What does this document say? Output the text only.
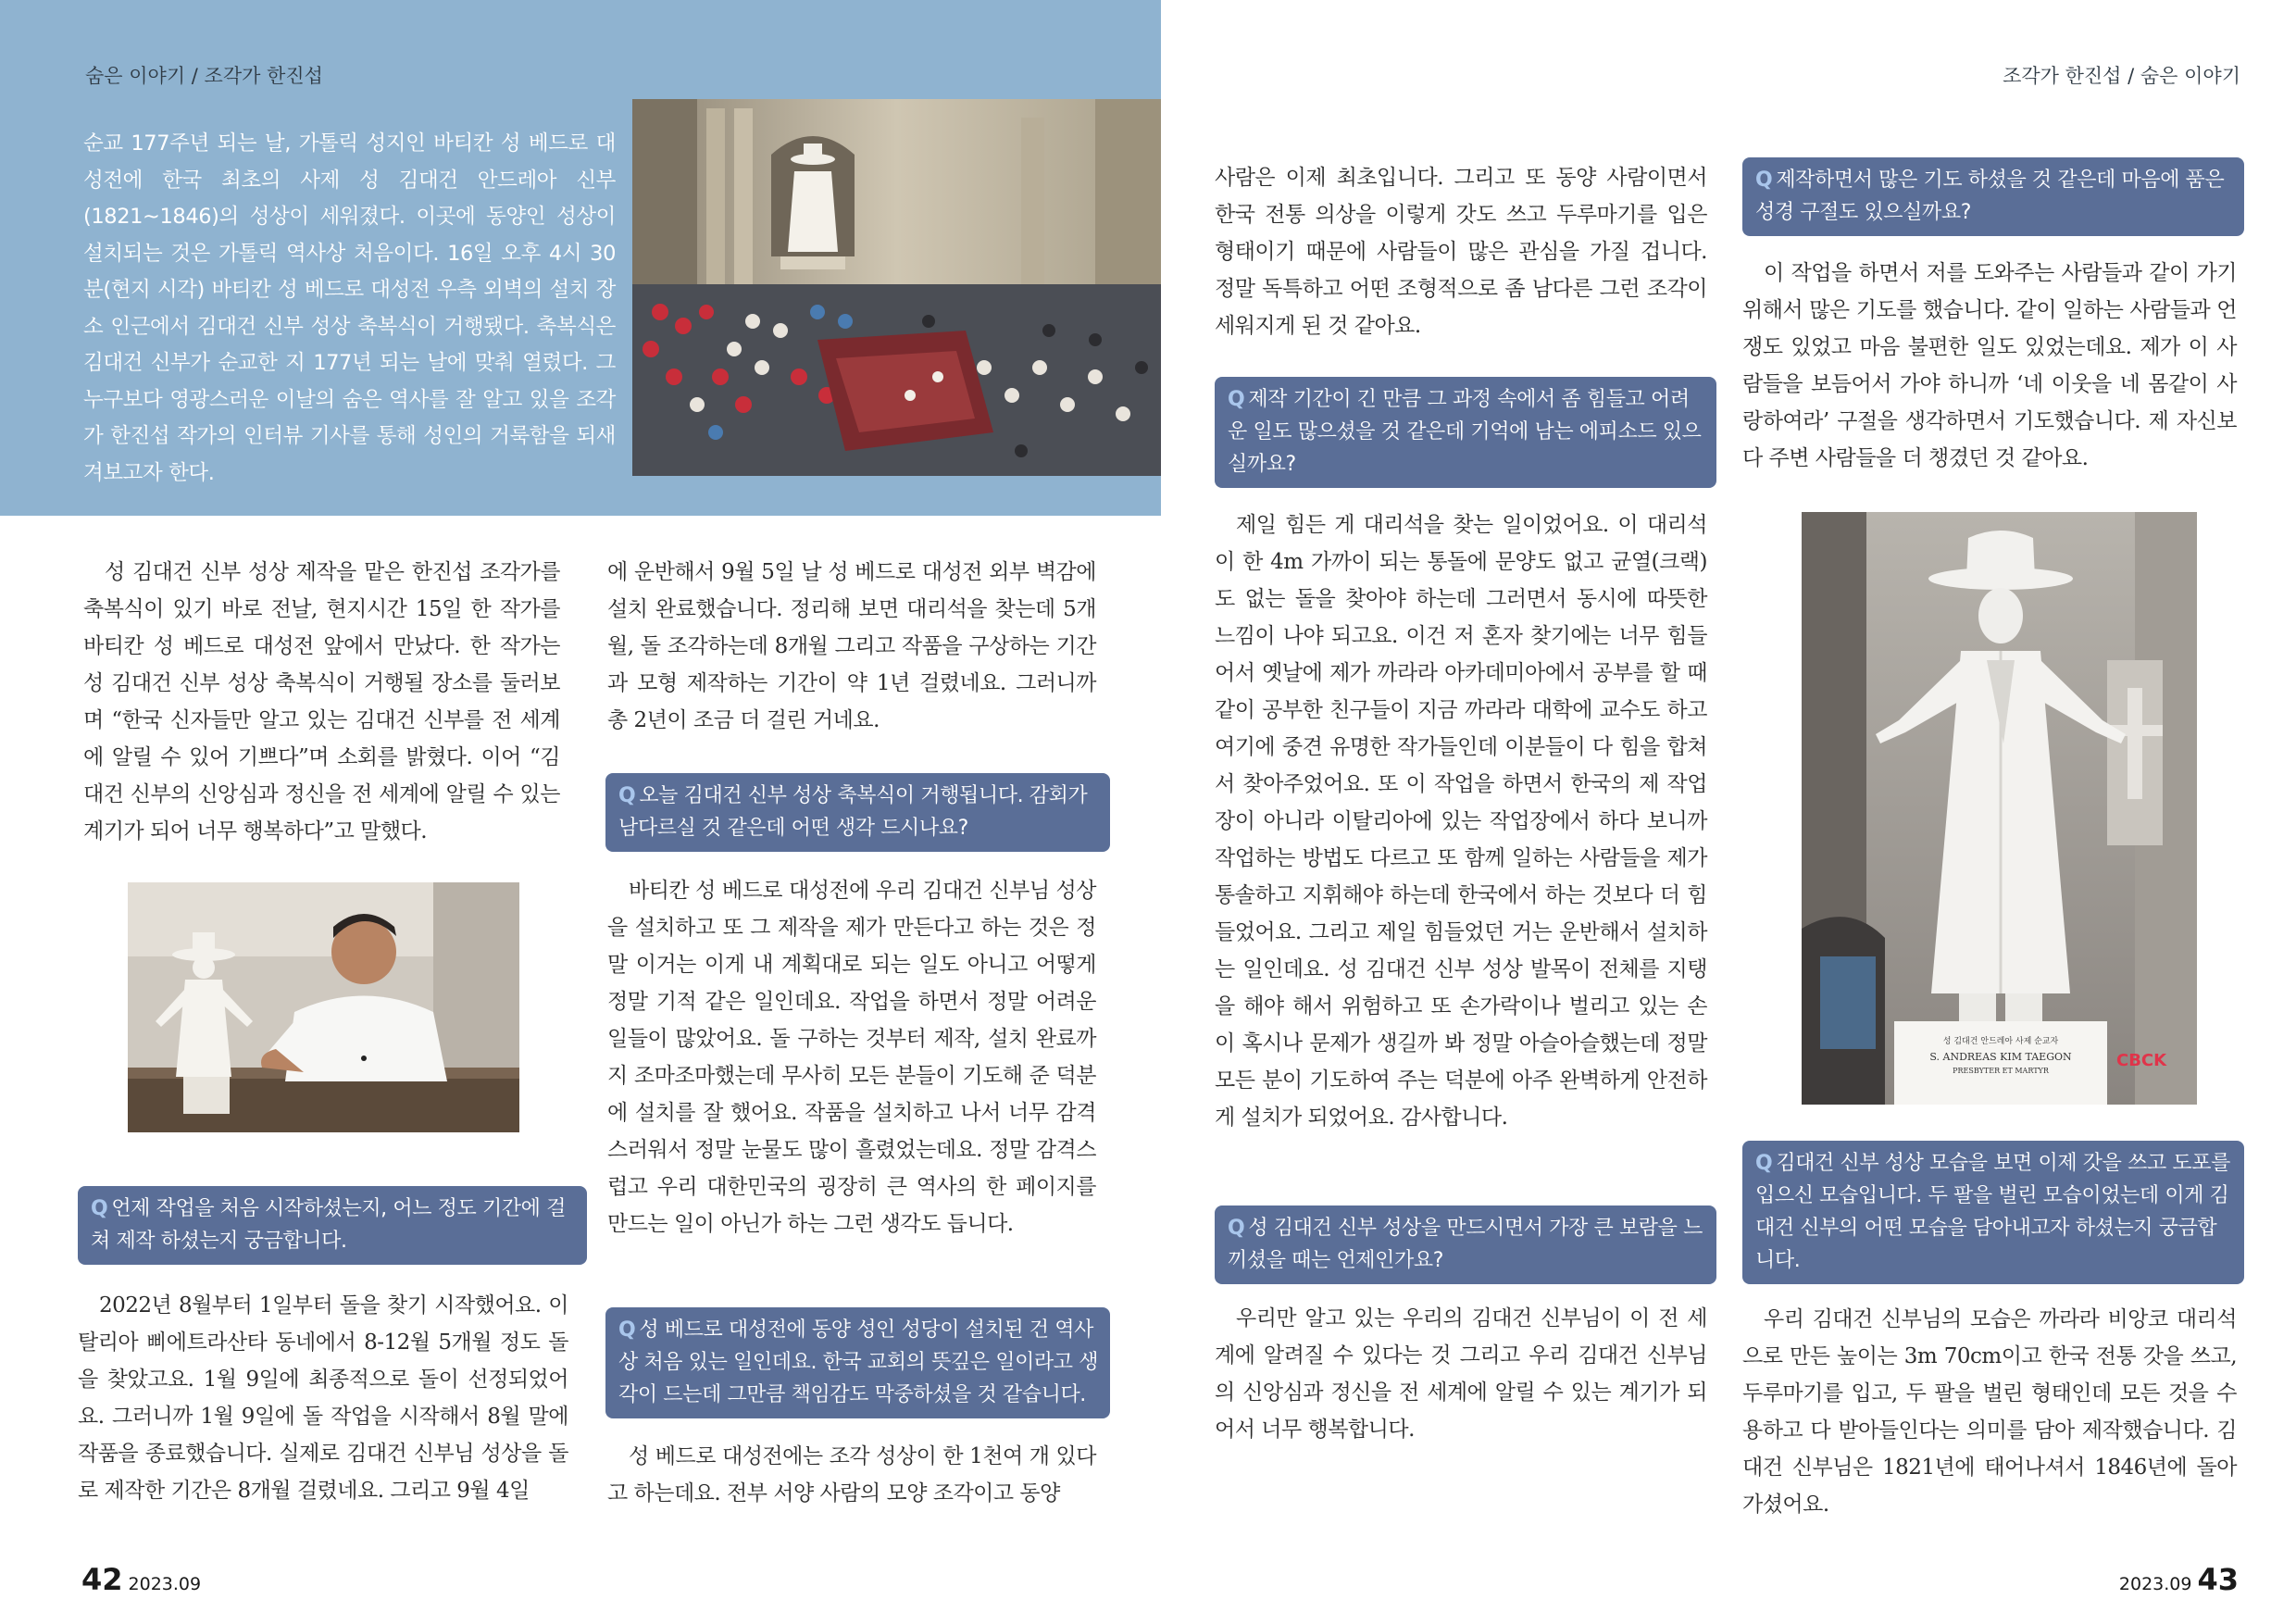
숨은 이야기 / 조각가 한진섭	조각가 한진섭 / 숨은 이야기
순교 177주년 되는 날, 가톨릭 성지인 바티칸 성 베드로 대성전에 한국 최초의 사제 성 김대건 안드레아 신부(1821~1846)의 성상이 세워졌다. 이곳에 동양인 성상이 설치되는 것은 가톨릭 역사상 처음이다. 16일 오후 4시 30분(현지 시각) 바티칸 성 베드로 대성전 우측 외벽의 설치 장소 인근에서 김대건 신부 성상 축복식이 거행됐다. 축복식은 김대건 신부가 순교한 지 177년 되는 날에 맞춰 열렸다. 그 누구보다 영광스러운 이날의 숨은 역사를 잘 알고 있을 조각가 한진섭 작가의 인터뷰 기사를 통해 성인의 거룩함을 되새겨보고자 한다.

성 김대건 신부 성상 제작을 맡은 한진섭 조각가를 축복식이 있기 바로 전날, 현지시간 15일 한 작가를 바티칸 성 베드로 대성전 앞에서 만났다. 한 작가는 성 김대건 신부 성상 축복식이 거행될 장소를 둘러보며 “한국 신자들만 알고 있는 김대건 신부를 전 세계에 알릴 수 있어 기쁘다”며 소회를 밝혔다. 이어 “김대건 신부의 신앙심과 정신을 전 세계에 알릴 수 있는 계기가 되어 너무 행복하다”고 말했다.

Q 언제 작업을 처음 시작하셨는지, 어느 정도 기간에 걸쳐 제작 하셨는지 궁금합니다.

2022년 8월부터 1일부터 돌을 찾기 시작했어요. 이탈리아 삐에트라산타 동네에서 8-12월 5개월 정도 돌을 찾았고요. 1월 9일에 최종적으로 돌이 선정되었어요. 그러니까 1월 9일에 돌 작업을 시작해서 8월 말에 작품을 종료했습니다. 실제로 김대건 신부님 성상을 돌로 제작한 기간은 8개월 걸렸네요. 그리고 9월 4일

에 운반해서 9월 5일 날 성 베드로 대성전 외부 벽감에 설치 완료했습니다. 정리해 보면 대리석을 찾는데 5개월, 돌 조각하는데 8개월 그리고 작품을 구상하는 기간과 모형 제작하는 기간이 약 1년 걸렸네요. 그러니까 총 2년이 조금 더 걸린 거네요.

Q 오늘 김대건 신부 성상 축복식이 거행됩니다. 감회가 남다르실 것 같은데 어떤 생각 드시나요?

바티칸 성 베드로 대성전에 우리 김대건 신부님 성상을 설치하고 또 그 제작을 제가 만든다고 하는 것은 정말 이거는 이게 내 계획대로 되는 일도 아니고 어떻게 정말 기적 같은 일인데요. 작업을 하면서 정말 어려운 일들이 많았어요. 돌 구하는 것부터 제작, 설치 완료까지 조마조마했는데 무사히 모든 분들이 기도해 준 덕분에 설치를 잘 했어요. 작품을 설치하고 나서 너무 감격스러워서 정말 눈물도 많이 흘렸었는데요. 정말 감격스럽고 우리 대한민국의 굉장히 큰 역사의 한 페이지를 만드는 일이 아닌가 하는 그런 생각도 듭니다.

Q 성 베드로 대성전에 동양 성인 성당이 설치된 건 역사상 처음 있는 일인데요. 한국 교회의 뜻깊은 일이라고 생각이 드는데 그만큼 책임감도 막중하셨을 것 같습니다.

성 베드로 대성전에는 조각 성상이 한 1천여 개 있다고 하는데요. 전부 서양 사람의 모양 조각이고 동양

사람은 이제 최초입니다. 그리고 또 동양 사람이면서 한국 전통 의상을 이렇게 갓도 쓰고 두루마기를 입은 형태이기 때문에 사람들이 많은 관심을 가질 겁니다. 정말 독특하고 어떤 조형적으로 좀 남다른 그런 조각이 세워지게 된 것 같아요.

Q 제작 기간이 긴 만큼 그 과정 속에서 좀 힘들고 어려운 일도 많으셨을 것 같은데 기억에 남는 에피소드 있으실까요?

제일 힘든 게 대리석을 찾는 일이었어요. 이 대리석이 한 4m 가까이 되는 통돌에 문양도 없고 균열(크랙)도 없는 돌을 찾아야 하는데 그러면서 동시에 따뜻한 느낌이 나야 되고요. 이건 저 혼자 찾기에는 너무 힘들어서 옛날에 제가 까라라 아카데미아에서 공부를 할 때 같이 공부한 친구들이 지금 까라라 대학에 교수도 하고 여기에 중견 유명한 작가들인데 이분들이 다 힘을 합쳐서 찾아주었어요. 또 이 작업을 하면서 한국의 제 작업장이 아니라 이탈리아에 있는 작업장에서 하다 보니까 작업하는 방법도 다르고 또 함께 일하는 사람들을 제가 통솔하고 지휘해야 하는데 한국에서 하는 것보다 더 힘들었어요. 그리고 제일 힘들었던 거는 운반해서 설치하는 일인데요. 성 김대건 신부 성상 발목이 전체를 지탱을 해야 해서 위험하고 또 손가락이나 벌리고 있는 손이 혹시나 문제가 생길까 봐 정말 아슬아슬했는데 정말 모든 분이 기도하여 주는 덕분에 아주 완벽하게 안전하게 설치가 되었어요. 감사합니다.

Q 성 김대건 신부 성상을 만드시면서 가장 큰 보람을 느끼셨을 때는 언제인가요?

우리만 알고 있는 우리의 김대건 신부님이 이 전 세계에 알려질 수 있다는 것 그리고 우리 김대건 신부님의 신앙심과 정신을 전 세계에 알릴 수 있는 계기가 되어서 너무 행복합니다.

Q 제작하면서 많은 기도 하셨을 것 같은데 마음에 품은 성경 구절도 있으실까요?

이 작업을 하면서 저를 도와주는 사람들과 같이 가기 위해서 많은 기도를 했습니다. 같이 일하는 사람들과 언쟁도 있었고 마음 불편한 일도 있었는데요. 제가 이 사람들을 보듬어서 가야 하니까 ‘네 이웃을 네 몸같이 사랑하여라’ 구절을 생각하면서 기도했습니다. 제 자신보다 주변 사람들을 더 챙겼던 것 같아요.

성 김대건 안드레아 사제 순교자
S. ANDREAS KIM TAEGON
PRESBYTER ET MARTYR
CBCK
Q 김대건 신부 성상 모습을 보면 이제 갓을 쓰고 도포를 입으신 모습입니다. 두 팔을 벌린 모습이었는데 이게 김대건 신부의 어떤 모습을 담아내고자 하셨는지 궁금합니다.

우리 김대건 신부님의 모습은 까라라 비앙코 대리석으로 만든 높이는 3m 70cm이고 한국 전통 갓을 쓰고, 두루마기를 입고, 두 팔을 벌린 형태인데 모든 것을 수용하고 다 받아들인다는 의미를 담아 제작했습니다. 김대건 신부님은 1821년에 태어나셔서 1846년에 돌아가셨어요.

42 2023.09	2023.09 43
